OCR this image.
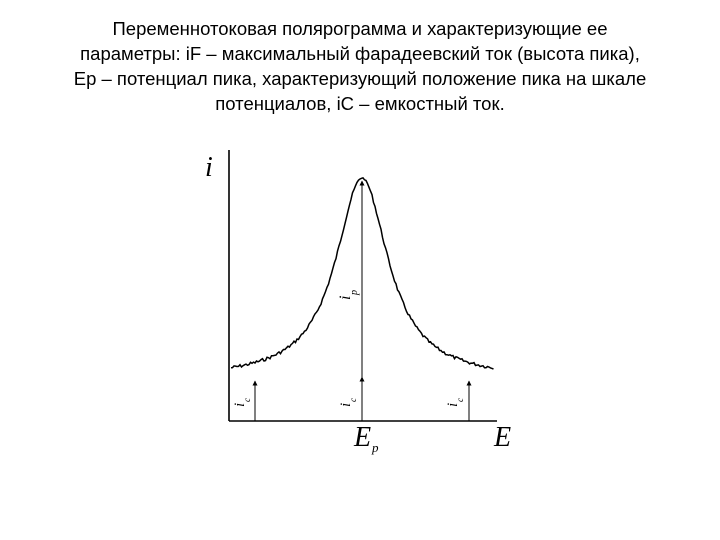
Переменнотоковая полярограмма и характеризующие ее
параметры: iF – максимальный фарадеевский ток (высота пика),
Ep – потенциал пика, характеризующий положение пика на шкале
потенциалов, iC – емкостный ток.
i
E
E p
i
p
i
c
i
c
i
c
